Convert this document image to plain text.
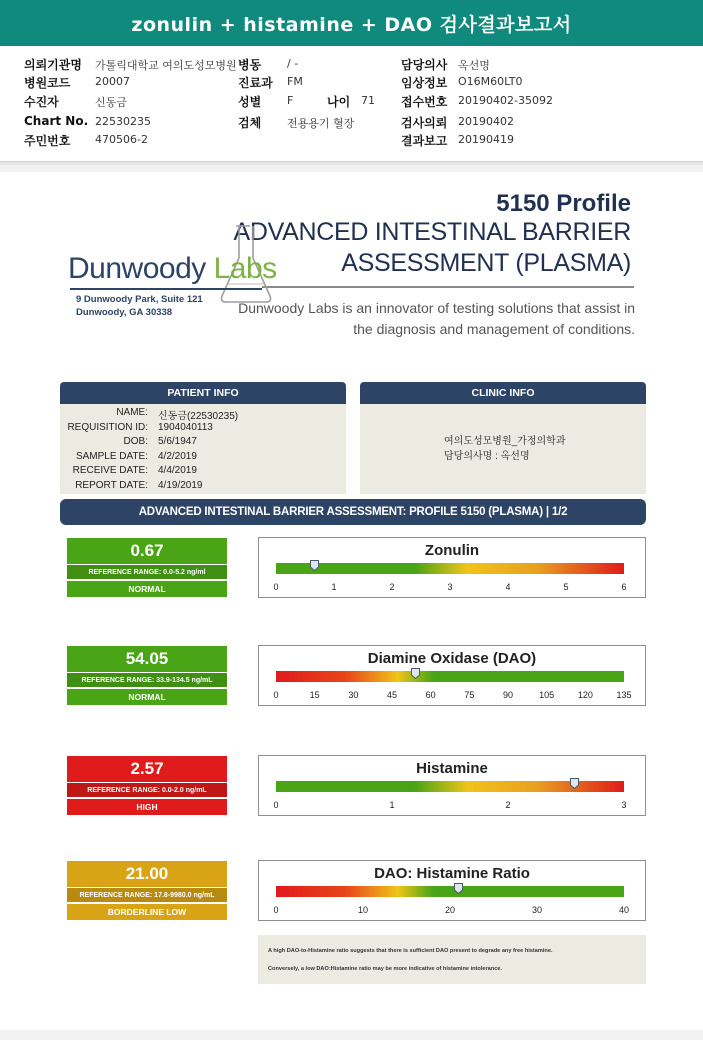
zonulin + histamine + DAO 검사결과보고서
의뢰기관명 가톨릭대학교 여의도성모병원
병원코드 20007
수진자	신동금
Chart No. 22530235
주민번호 470506-2
병동 / -
진료과 FM
성별 F
검체 전용용기 혈장
나이 71
담당의사 옥선명
임상정보 O16M60LT0
접수번호 20190402-35092
검사의뢰 20190402
결과보고 20190419
5150 Profile
ADVANCED INTESTINAL BARRIER
ASSESSMENT (PLASMA)
Dunwoody Labs is an innovator of testing solutions that assist in
the diagnosis and management of conditions.
Dunwoody Labs
9 Dunwoody Park, Suite 121
Dunwoody, GA 30338
PATIENT INFO
NAME: 신동금(22530235)
REQUISITION ID: 1904040113
DOB: 5/6/1947
SAMPLE DATE: 4/2/2019
RECEIVE DATE: 4/4/2019
REPORT DATE: 4/19/2019
CLINIC INFO
여의도성모병원_가정의학과
담당의사명 : 옥선명
ADVANCED INTESTINAL BARRIER ASSESSMENT: PROFILE 5150 (PLASMA) | 1/2
0.67
REFERENCE RANGE: 0.0-5.2 ng/ml
NORMAL
Zonulin
0	1	2	3	4	5	6
54.05
REFERENCE RANGE: 33.9-134.5 ng/mL
NORMAL
Diamine Oxidase (DAO)
0	15	30	45	60	75	90	105	120	135
2.57
REFERENCE RANGE: 0.0-2.0 ng/mL
HIGH
Histamine
0	1	2	3
21.00
REFERENCE RANGE: 17.8-9980.0 ng/mL
BORDERLINE LOW
DAO: Histamine Ratio
0	10	20	30	40
A high DAO-to-Histamine ratio suggests that there is sufficient DAO present to degrade any free histamine.
Conversely, a low DAO:Histamine ratio may be more indicative of histamine intolerance.
